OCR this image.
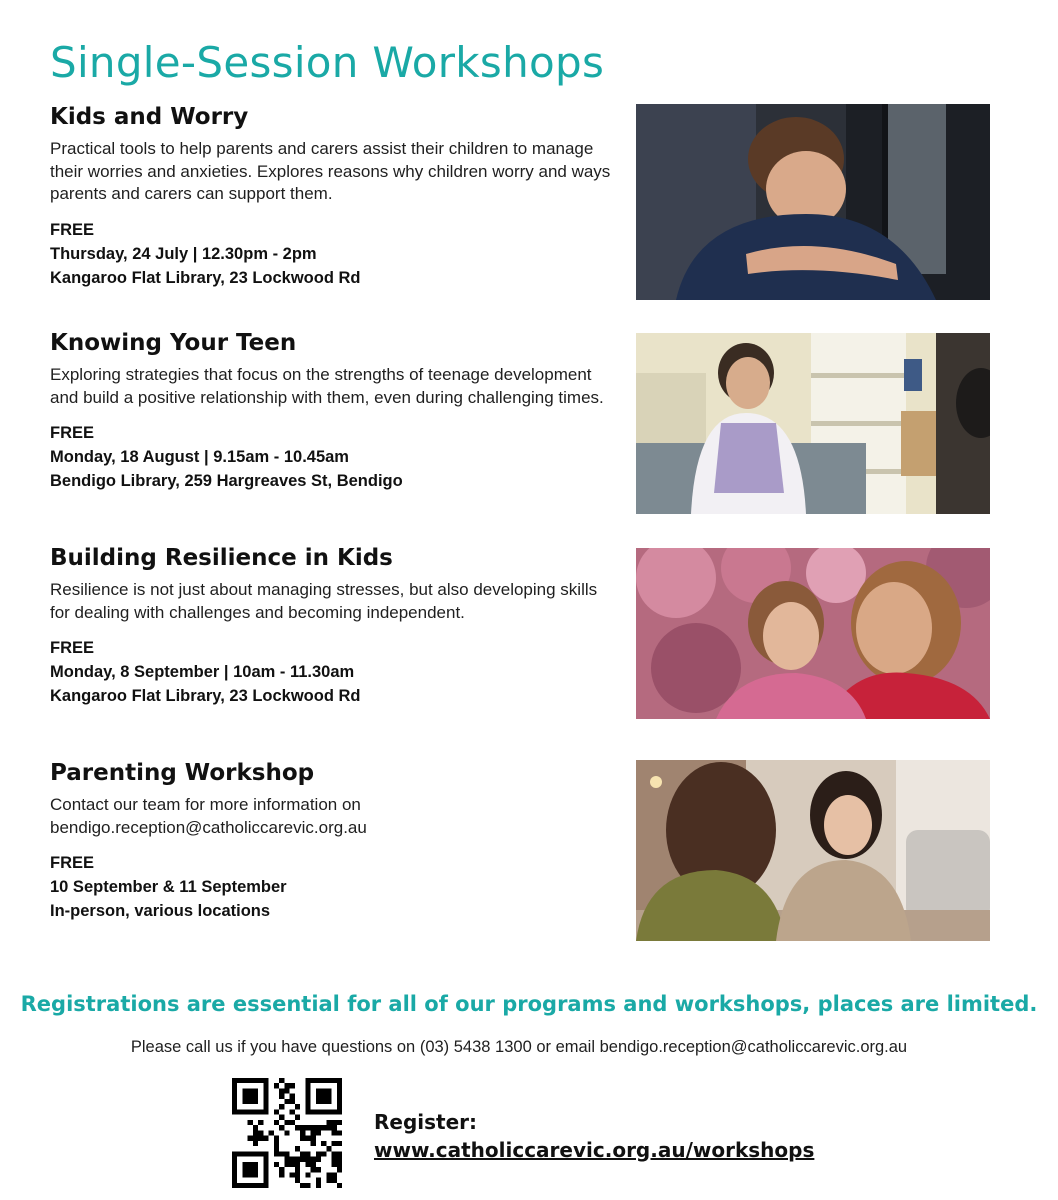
Single-Session Workshops
Kids and Worry

Practical tools to help parents and carers assist their children to manage their worries and anxieties. Explores reasons why children worry and ways parents and carers can support them.

FREE

Thursday, 24 July | 12.30pm - 2pm

Kangaroo Flat Library, 23 Lockwood Rd

Knowing Your Teen

Exploring strategies that focus on the strengths of teenage development and build a positive relationship with them, even during challenging times.

FREE

Monday, 18 August | 9.15am - 10.45am

Bendigo Library, 259 Hargreaves St, Bendigo

Building Resilience in Kids

Resilience is not just about managing stresses, but also developing skills for dealing with challenges and becoming independent.

FREE

Monday, 8 September | 10am - 11.30am

Kangaroo Flat Library, 23 Lockwood Rd

Parenting Workshop

Contact our team for more information on
bendigo.reception@catholiccarevic.org.au

FREE

10 September & 11 September

In-person, various locations

Registrations are essential for all of our programs and workshops, places are limited.

Please call us if you have questions on (03) 5438 1300 or email bendigo.reception@catholiccarevic.org.au

Register:
www.catholiccarevic.org.au/workshops
